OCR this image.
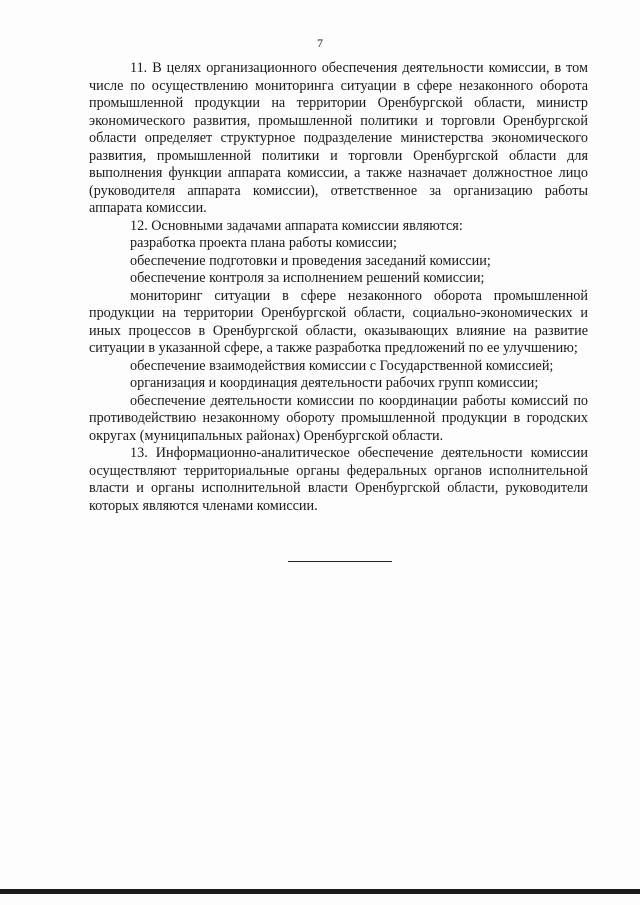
7

11. В целях организационного обеспечения деятельности комиссии, в том числе по осуществлению мониторинга ситуации в сфере незаконного оборота промышленной продукции на территории Оренбургской области, министр экономического развития, промышленной политики и торговли Оренбургской области определяет структурное подразделение министерства экономического развития, промышленной политики и торговли Оренбургской области для выполнения функции аппарата комиссии, а также назначает должностное лицо (руководителя аппарата комиссии), ответственное за организацию работы аппарата комиссии.

12. Основными задачами аппарата комиссии являются:

разработка проекта плана работы комиссии;

обеспечение подготовки и проведения заседаний комиссии;

обеспечение контроля за исполнением решений комиссии;

мониторинг ситуации в сфере незаконного оборота промышленной продукции на территории Оренбургской области, социально-экономических и иных процессов в Оренбургской области, оказывающих влияние на развитие ситуации в указанной сфере, а также разработка предложений по ее улучшению;

обеспечение взаимодействия комиссии с Государственной комиссией;

организация и координация деятельности рабочих групп комиссии;

обеспечение деятельности комиссии по координации работы комиссий по противодействию незаконному обороту промышленной продукции в городских округах (муниципальных районах) Оренбургской области.

13. Информационно-аналитическое обеспечение деятельности комиссии осуществляют территориальные органы федеральных органов исполнительной власти и органы исполнительной власти Оренбургской области, руководители которых являются членами комиссии.
